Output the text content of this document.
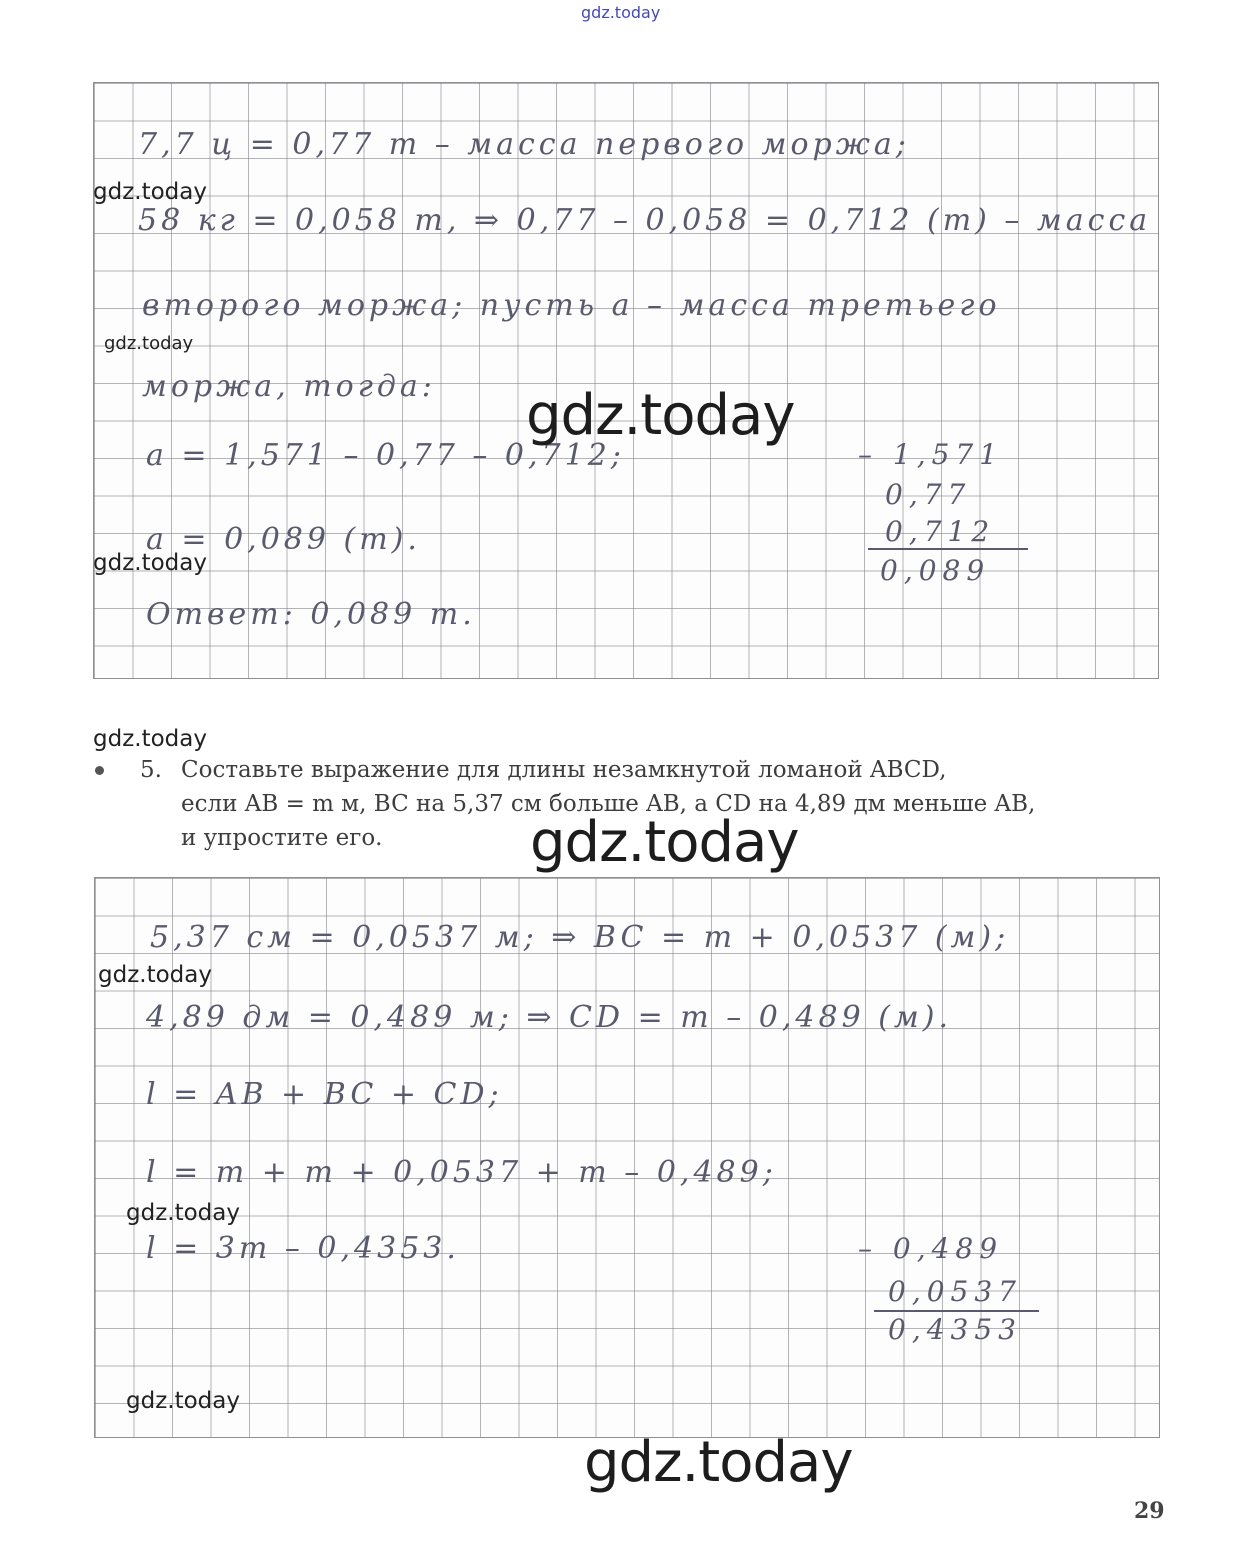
gdz.today
7,7 ц = 0,77 т – масса первого моржа;
58 кг = 0,058 т, ⇒ 0,77 – 0,058 = 0,712 (т) – масса
второго моржа; пусть a – масса третьего
моржа, тогда:
a = 1,571 – 0,77 – 0,712;
a = 0,089 (т).
Ответ: 0,089 т.
– 1,571
0,77
0,712
0,089
gdz.today
gdz.today
gdz.today
gdz.today
gdz.today
5. Составьте выражение для длины незамкнутой ломаной ABCD,
если AB = m м, BC на 5,37 см больше AB, а CD на 4,89 дм меньше AB,
и упростите его.	gdz.today
5,37 см = 0,0537 м; ⇒ BC = m + 0,0537 (м);
4,89 дм = 0,489 м; ⇒ CD = m – 0,489 (м).
l = AB + BC + CD;
l = m + m + 0,0537 + m – 0,489;
l = 3m – 0,4353.	– 0,489
0,0537
0,4353
gdz.today
gdz.today
gdz.today
gdz.today
29
